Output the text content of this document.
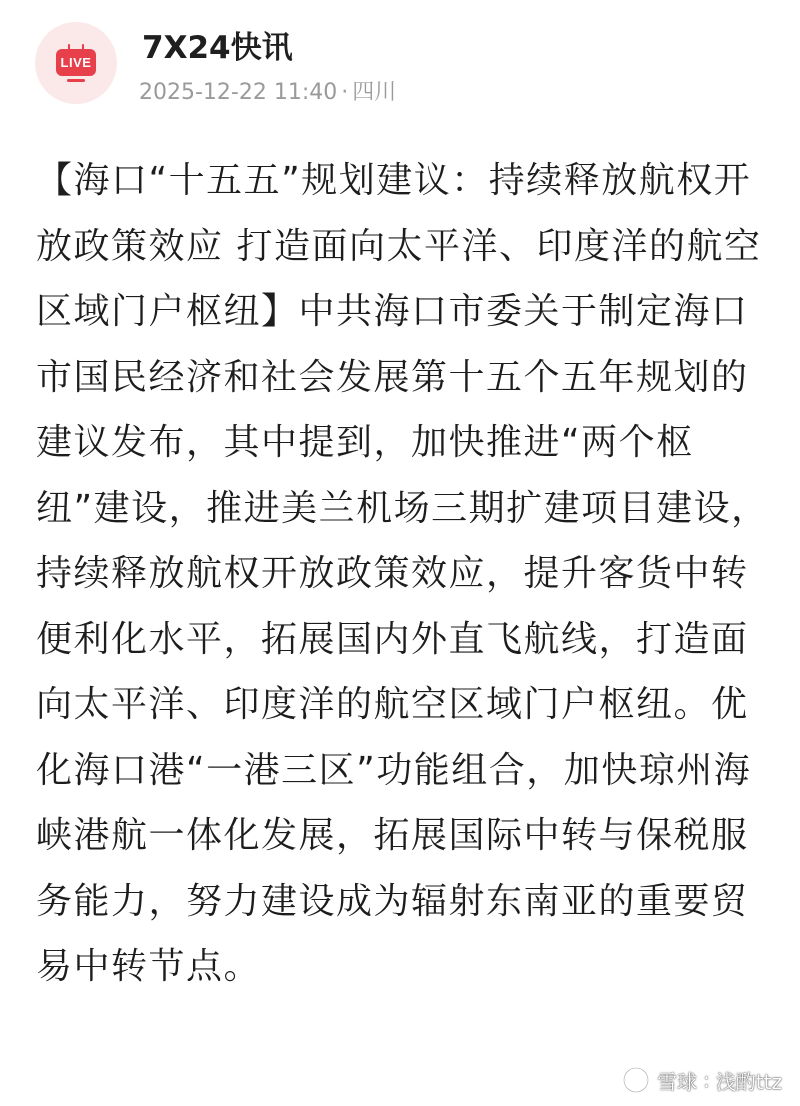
LIVE 7X24快讯
2025-12-22 11:40 · 四川

【海口“十五五”规划建议：持续释放航权开放政策效应 打造面向太平洋、印度洋的航空区域门户枢纽】中共海口市委关于制定海口市国民经济和社会发展第十五个五年规划的建议发布，其中提到，加快推进“两个枢纽”建设，推进美兰机场三期扩建项目建设，持续释放航权开放政策效应，提升客货中转便利化水平，拓展国内外直飞航线，打造面向太平洋、印度洋的航空区域门户枢纽。优化海口港“一港三区”功能组合，加快琼州海峡港航一体化发展，拓展国际中转与保税服务能力，努力建设成为辐射东南亚的重要贸易中转节点。

雪球 : 浅酌ttz
